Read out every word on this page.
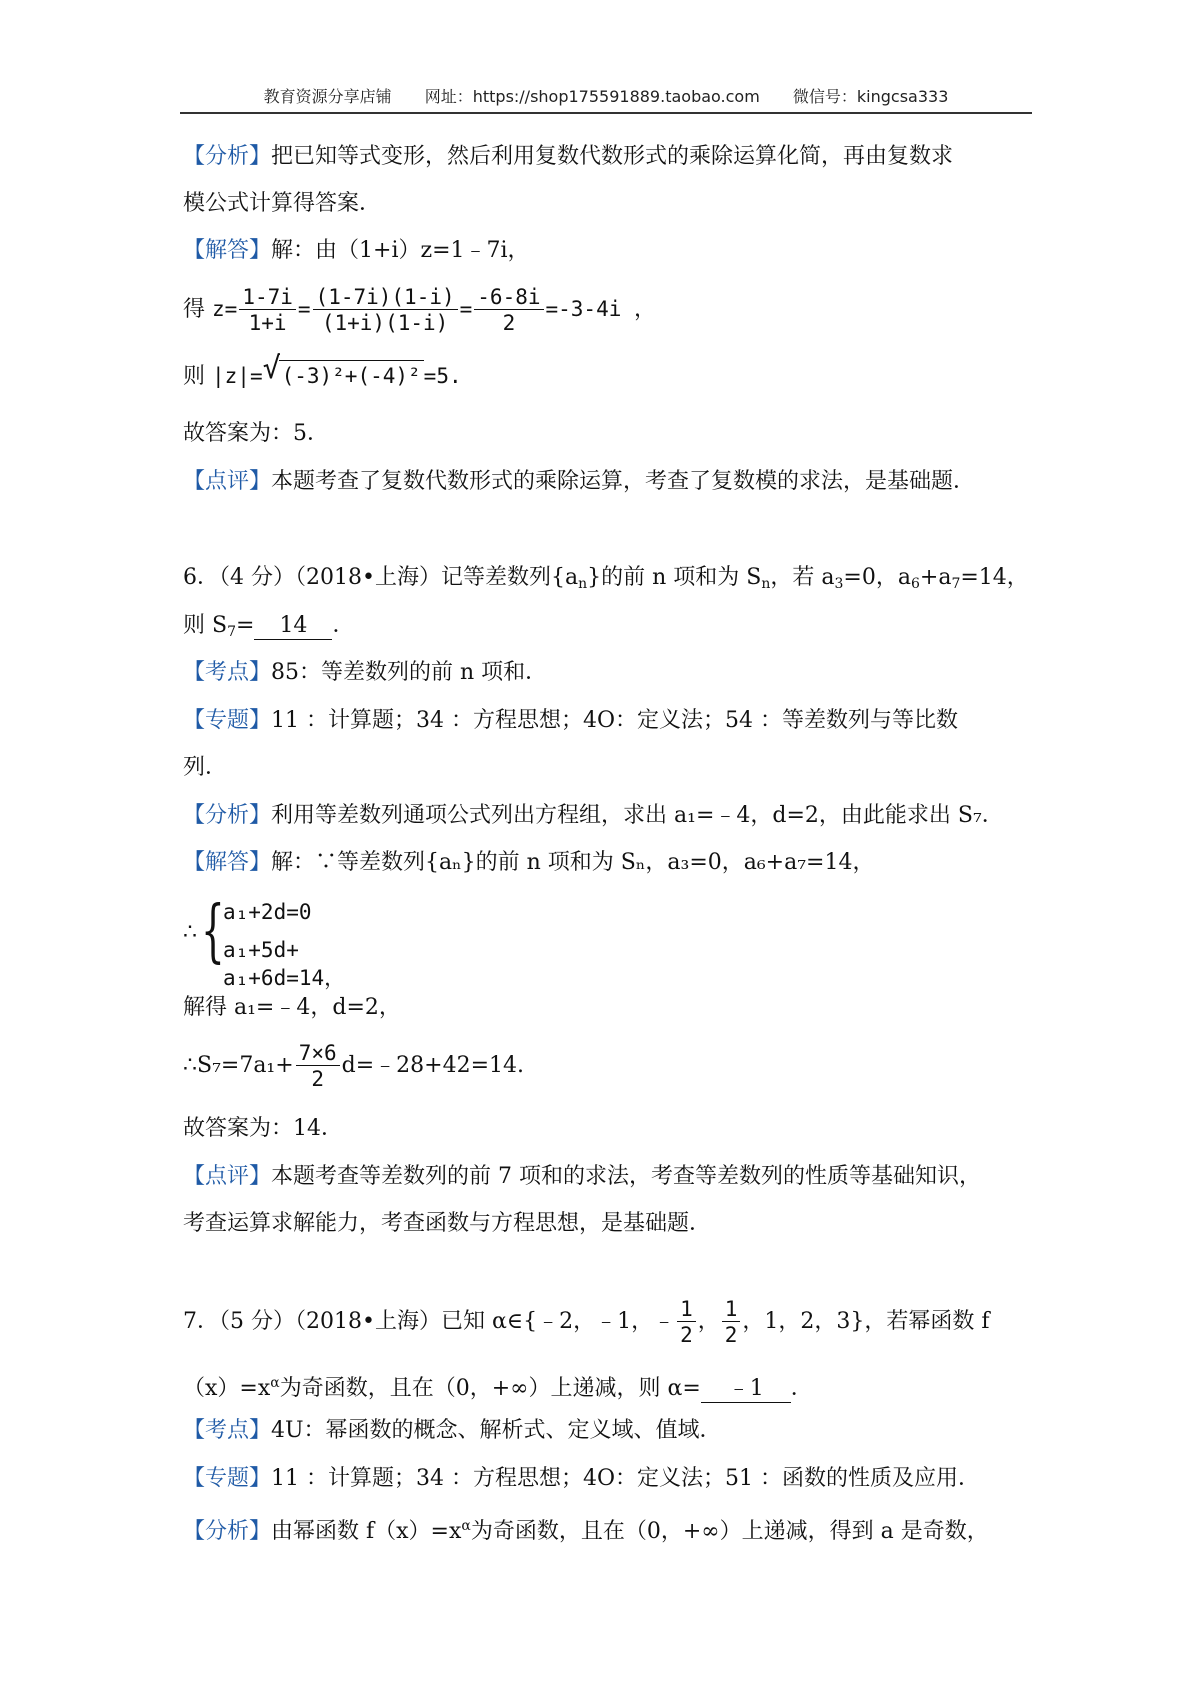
教育资源分享店铺 网址：https://shop175591889.taobao.com 微信号：kingcsa333
【分析】把已知等式变形，然后利用复数代数形式的乘除运算化简，再由复数求
模公式计算得答案．
【解答】解：由（1+i）z=1﹣7i，
得 $z= \frac{1-7i}{1+i} = \frac{(1-7i)(1-i)}{(1+i)(1-i)} = \frac{-6-8i}{2} =-3-4i$ ，
则 |z|= √ (-3)²+(-4)² =5.
故答案为：5．
【点评】本题考查了复数代数形式的乘除运算，考查了复数模的求法，是基础题．
6．（4 分）（2018•上海）记等差数列$\{a_n\}$的前 n 项和为 $S_n$，若 $a_3=0$，$a_6+a_7=14$，
则 $S_7= 14$ ．
【考点】85：等差数列的前 n 项和．
【专题】11 ：计算题；34 ：方程思想；4O：定义法；54 ：等差数列与等比数
列．
【分析】利用等差数列通项公式列出方程组，求出 a₁=﹣4，d=2，由此能求出 S₇．
【解答】解：∵等差数列{aₙ}的前 n 项和为 Sₙ，a₃=0，a₆+a₇=14，
∴ {
a₁+2d=0
a₁+5d+ a₁+6d=14，
解得 a₁=﹣4，d=2，
∴S₇=7a₁+ $\frac{7\times 6}{2}$ d=﹣28+42=14.
故答案为：14．
【点评】本题考查等差数列的前 7 项和的求法，考查等差数列的性质等基础知识，
考查运算求解能力，考查函数与方程思想，是基础题．
7．（5 分）（2018•上海）已知 α∈{﹣2，﹣1，﹣ $\frac{1}{2}$ ， $\frac{1}{2}$ ，1，2，3}，若幂函数 f
$(x)=x^\alpha$为奇函数，且在（0，+∞）上递减，则 α= ﹣1 ．
【考点】4U：幂函数的概念、解析式、定义域、值域．
【专题】11 ：计算题；34 ：方程思想；4O：定义法；51 ：函数的性质及应用．
【分析】由幂函数 $f(x)=x^\alpha$为奇函数，且在（0，+∞）上递减，得到 a 是奇数，
